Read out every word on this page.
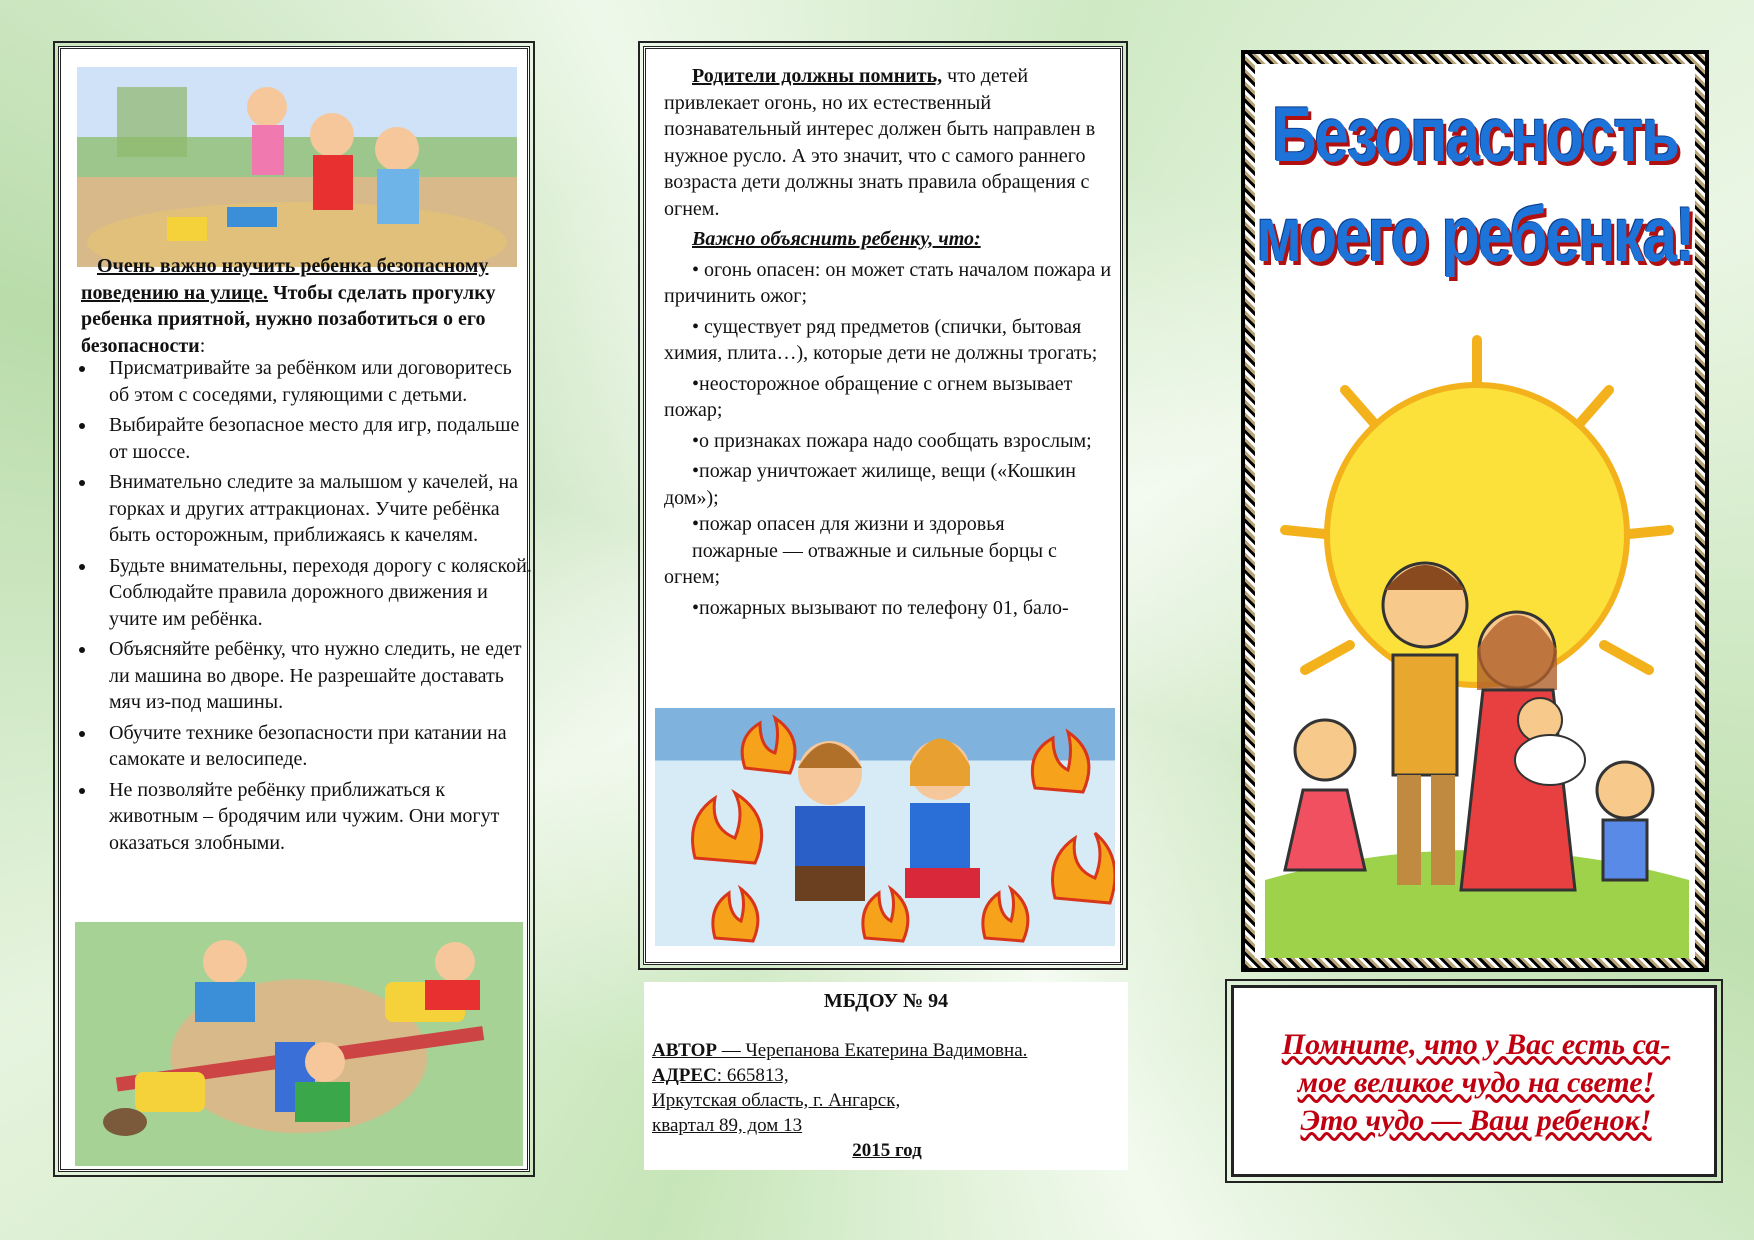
Очень важно научить ребенка безопасному поведению на улице. Чтобы сделать прогулку ребенка приятной, нужно позаботиться о его безопасности:
• Присматривайте за ребёнком или договоритесь об этом с соседями, гуляющими с детьми.
• Выбирайте безопасное место для игр, подальше от шоссе.
• Внимательно следите за малышом у качелей, на горках и других аттракционах. Учите ребёнка быть осторожным, приближаясь к качелям.
• Будьте внимательны, переходя дорогу с коляской. Соблюдайте правила дорожного движения и учите им ребёнка.
• Объясняйте ребёнку, что нужно следить, не едет ли машина во дворе. Не разрешайте доставать мяч из-под машины.
• Обучите технике безопасности при катании на самокате и велосипеде.
• Не позволяйте ребёнку приближаться к животным – бродячим или чужим. Они могут оказаться злобными.

Родители должны помнить, что детей привлекает огонь, но их естественный познавательный интерес должен быть направлен в нужное русло. А это значит, что с самого раннего возраста дети должны знать правила обращения с огнем.

Важно объяснить ребенку, что:

• огонь опасен: он может стать началом пожара и причинить ожог;

• существует ряд предметов (спички, бытовая химия, плита…), которые дети не должны трогать;

•неосторожное обращение с огнем вызывает пожар;

•о признаках пожара надо сообщать взрослым;

•пожар уничтожает жилище, вещи («Кошкин дом»);

•пожар опасен для жизни и здоровья

пожарные — отважные и сильные борцы с огнем;

•пожарных вызывают по телефону 01, бало-

МБДОУ № 94
АВТОР — Черепанова Екатерина Вадимовна.
АДРЕС: 665813,
Иркутская область, г. Ангарск,
квартал 89, дом 13
2015 год
Безопасность
моего ребенка!
Помните, что у Вас есть са-
мое великое чудо на свете!
Это чудо — Ваш ребенок!
